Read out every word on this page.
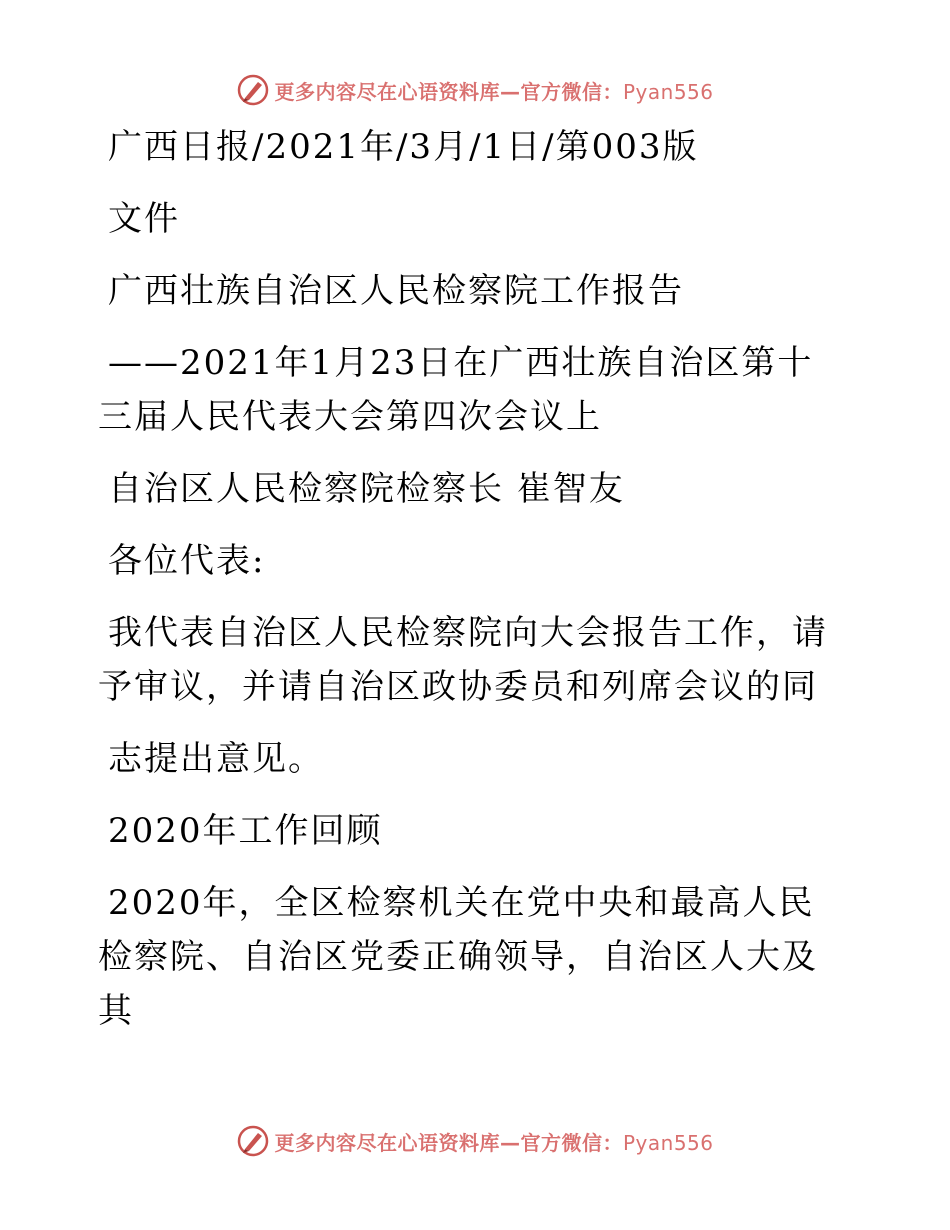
更多内容尽在心语资料库—官方微信：Pyan556

广西日报/2021年/3月/1日/第003版

文件

广西壮族自治区人民检察院工作报告

——2021年1月23日在广西壮族自治区第十三届人民代表大会第四次会议上

自治区人民检察院检察长 崔智友

各位代表:

我代表自治区人民检察院向大会报告工作，请予审议，并请自治区政协委员和列席会议的同

志提出意见。

2020年工作回顾

2020年，全区检察机关在党中央和最高人民检察院、自治区党委正确领导，自治区人大及其

更多内容尽在心语资料库—官方微信：Pyan556
